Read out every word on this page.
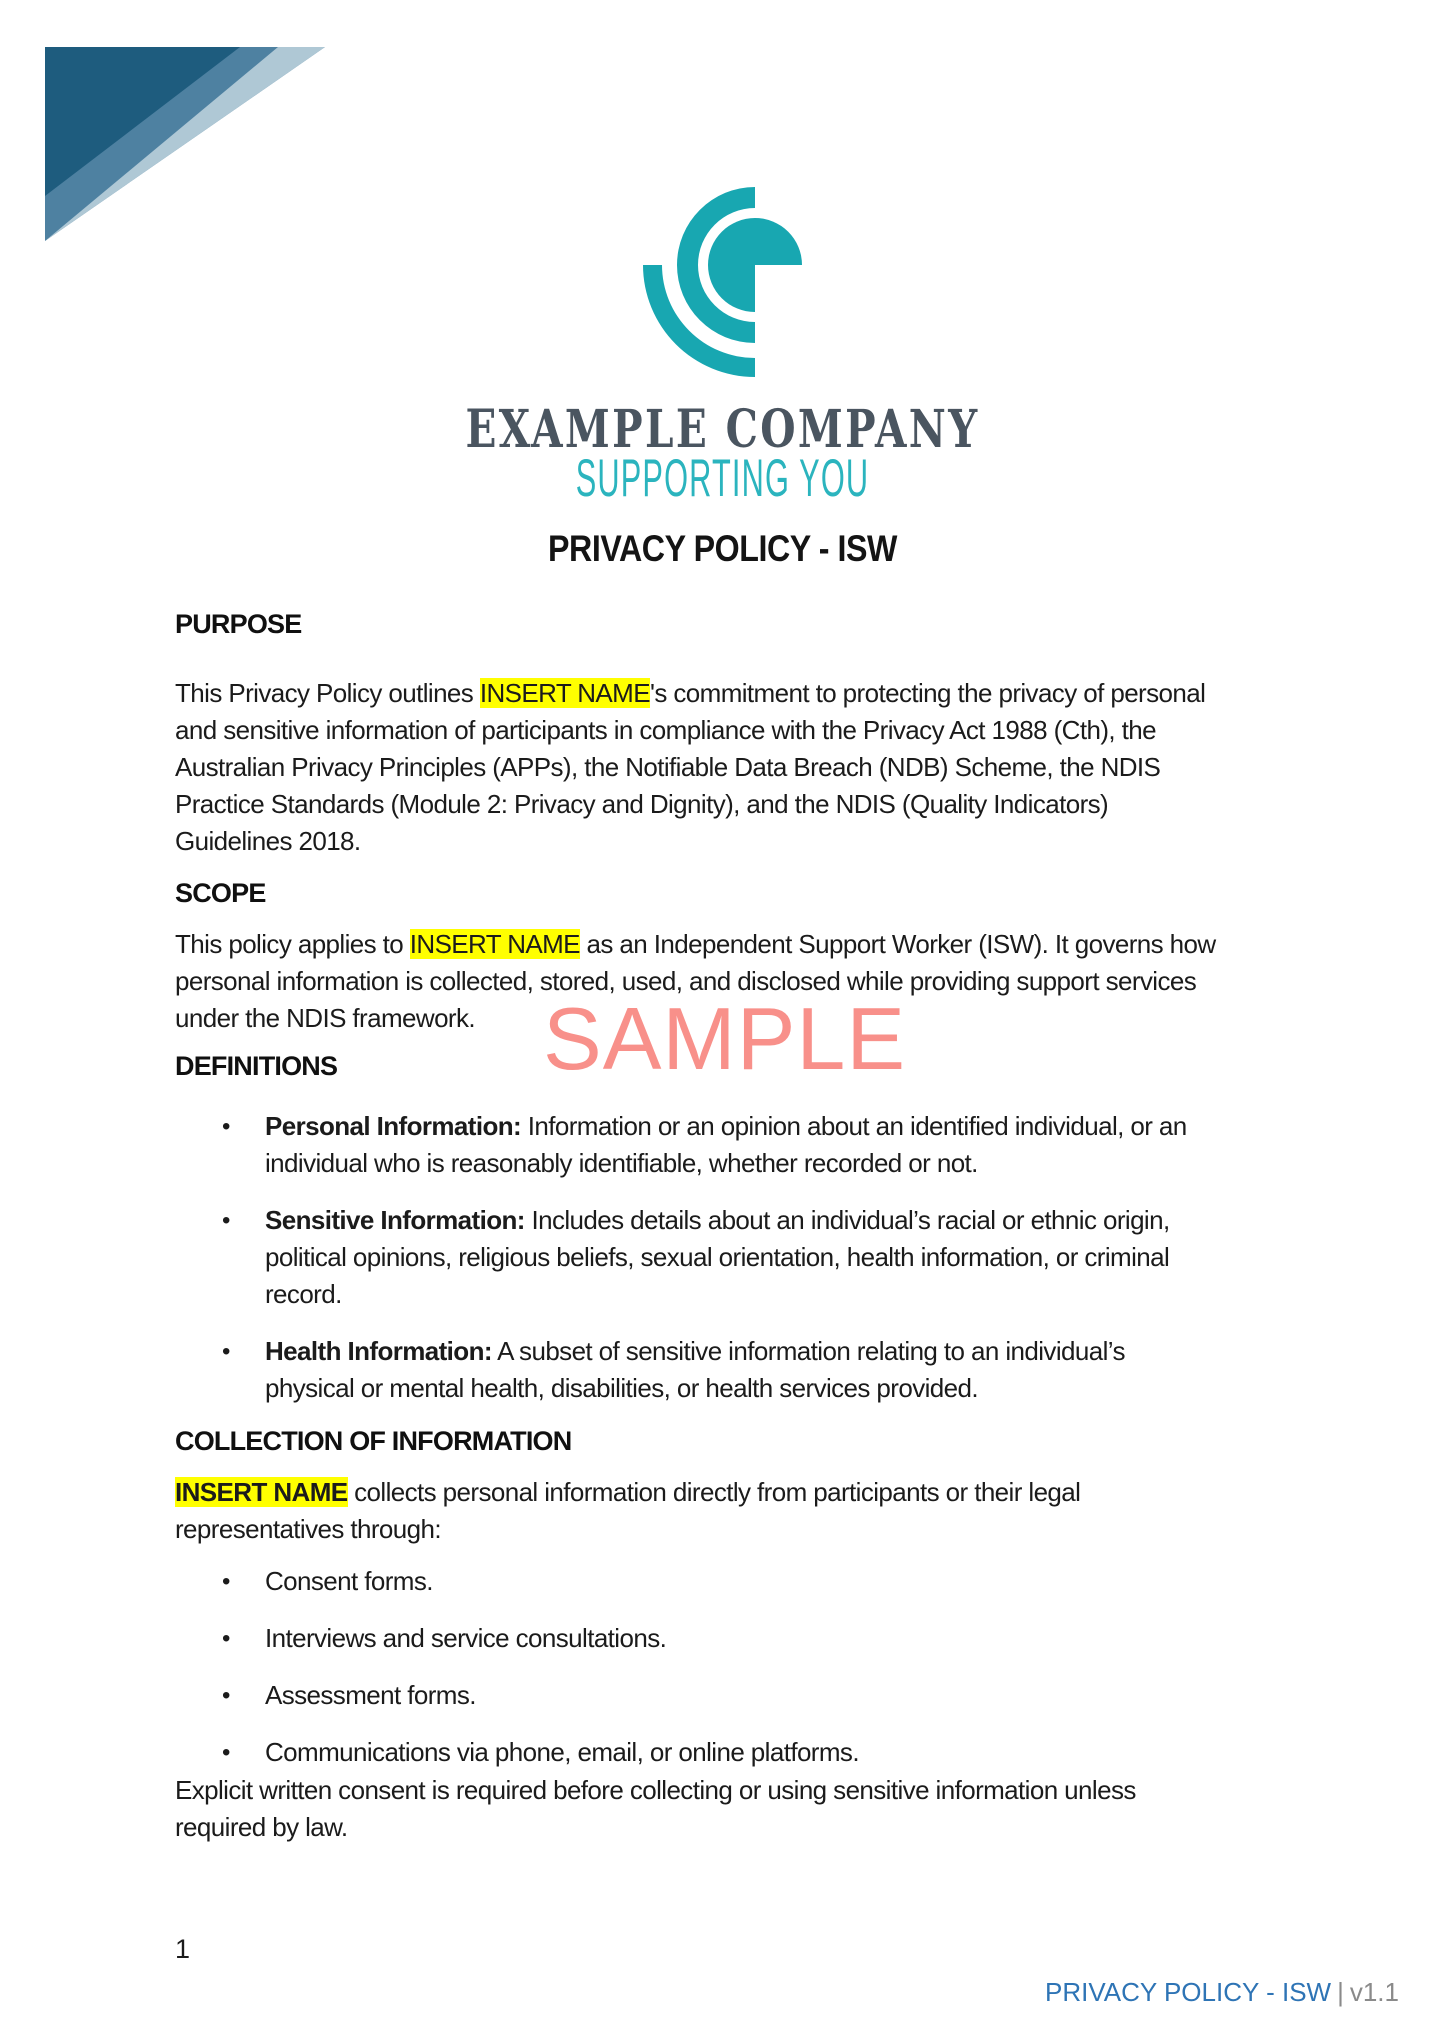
EXAMPLE COMPANY
SUPPORTING YOU
PRIVACY POLICY - ISW
PURPOSE
This Privacy Policy outlines INSERT NAME's commitment to protecting the privacy of personal
and sensitive information of participants in compliance with the Privacy Act 1988 (Cth), the
Australian Privacy Principles (APPs), the Notifiable Data Breach (NDB) Scheme, the NDIS
Practice Standards (Module 2: Privacy and Dignity), and the NDIS (Quality Indicators)
Guidelines 2018.
SCOPE
This policy applies to INSERT NAME as an Independent Support Worker (ISW). It governs how
personal information is collected, stored, used, and disclosed while providing support services
under the NDIS framework.
DEFINITIONS
•	Personal Information: Information or an opinion about an identified individual, or an
individual who is reasonably identifiable, whether recorded or not.
•	Sensitive Information: Includes details about an individual’s racial or ethnic origin,
political opinions, religious beliefs, sexual orientation, health information, or criminal
record.
•	Health Information: A subset of sensitive information relating to an individual’s
physical or mental health, disabilities, or health services provided.
COLLECTION OF INFORMATION
INSERT NAME collects personal information directly from participants or their legal
representatives through:
•	Consent forms.
•	Interviews and service consultations.
•	Assessment forms.
•	Communications via phone, email, or online platforms.
Explicit written consent is required before collecting or using sensitive information unless
required by law.
SAMPLE
1
PRIVACY POLICY - ISW | v1.1
